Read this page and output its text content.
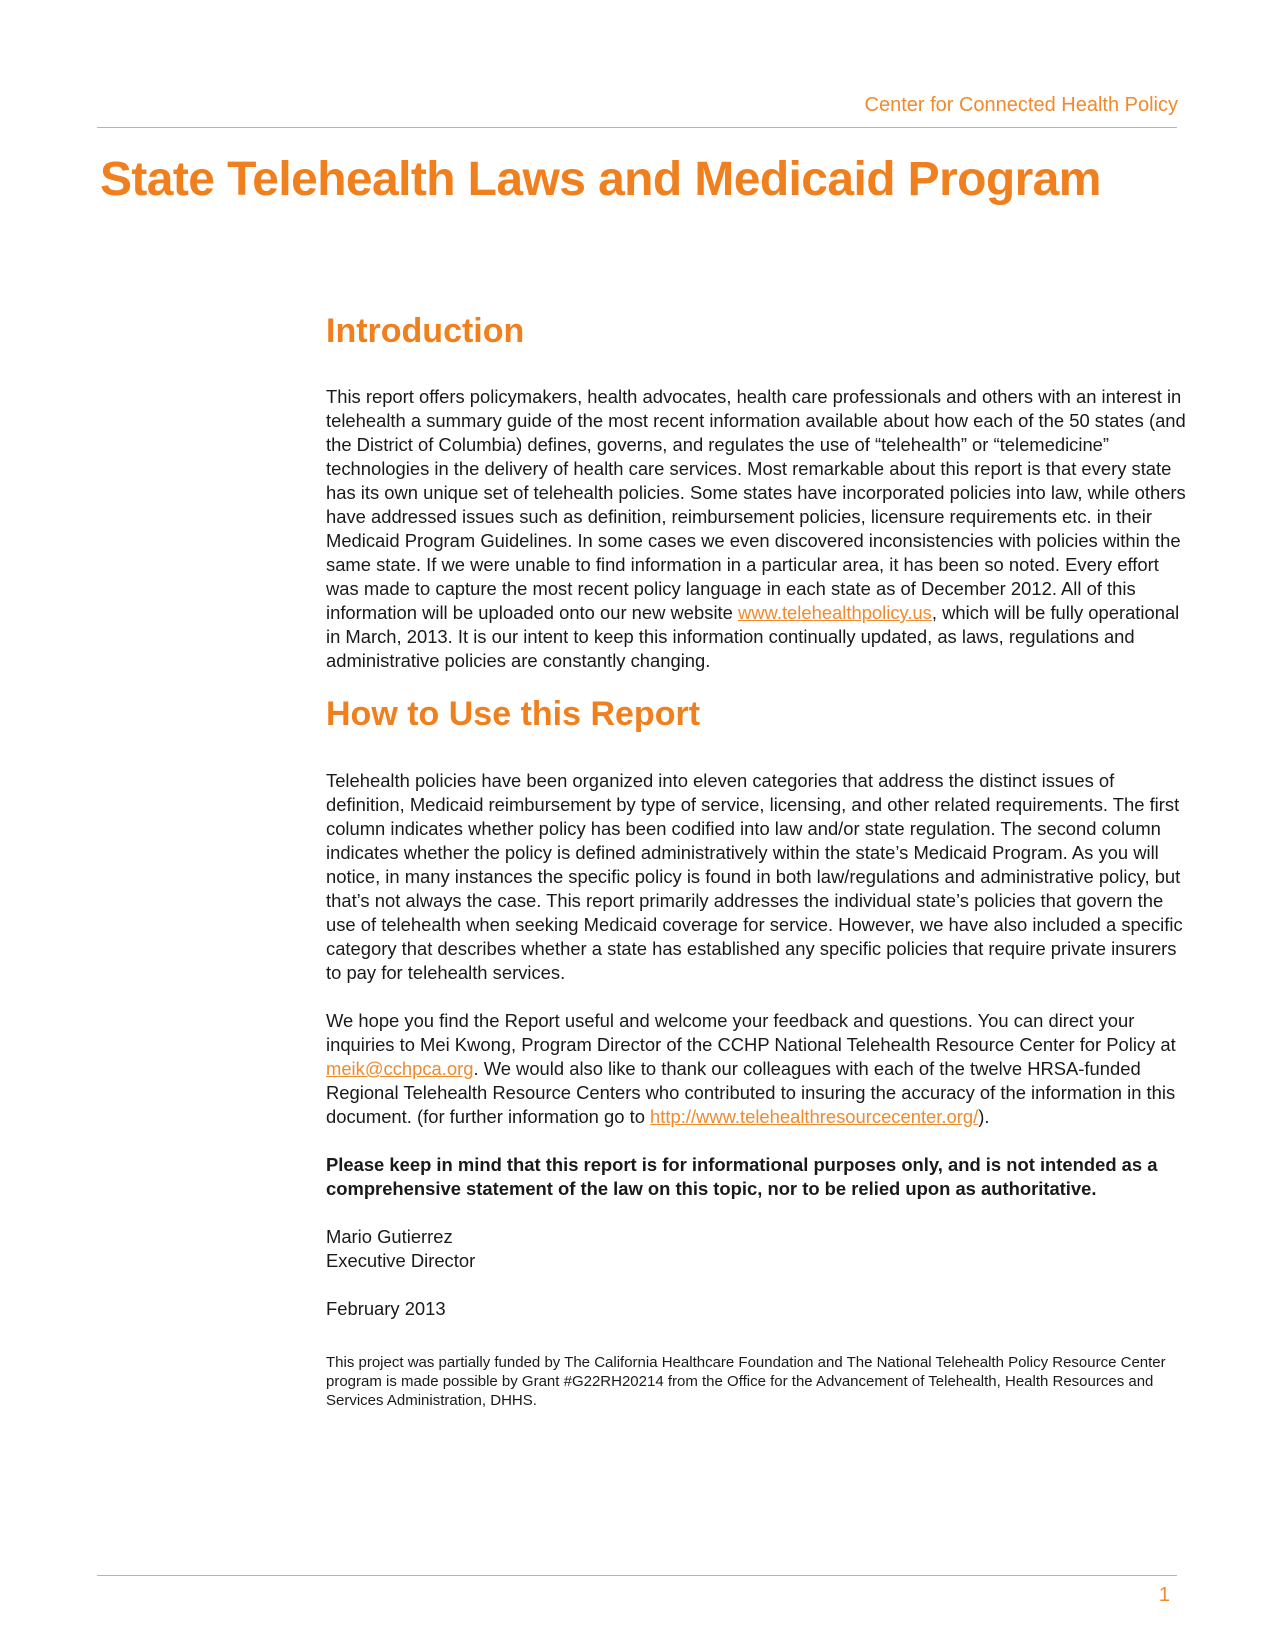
Center for Connected Health Policy
State Telehealth Laws and Medicaid Program
Introduction

This report offers policymakers, health advocates, health care professionals and others with an interest in telehealth a summary guide of the most recent information available about how each of the 50 states (and the District of Columbia) defines, governs, and regulates the use of “telehealth” or “telemedicine” technologies in the delivery of health care services. Most remarkable about this report is that every state has its own unique set of telehealth policies. Some states have incorporated policies into law, while others have addressed issues such as definition, reimbursement policies, licensure requirements etc. in their Medicaid Program Guidelines. In some cases we even discovered inconsistencies with policies within the same state. If we were unable to find information in a particular area, it has been so noted. Every effort was made to capture the most recent policy language in each state as of December 2012. All of this information will be uploaded onto our new website www.telehealthpolicy.us, which will be fully operational in March, 2013. It is our intent to keep this information continually updated, as laws, regulations and administrative policies are constantly changing.

How to Use this Report

Telehealth policies have been organized into eleven categories that address the distinct issues of definition, Medicaid reimbursement by type of service, licensing, and other related requirements. The first column indicates whether policy has been codified into law and/or state regulation. The second column indicates whether the policy is defined administratively within the state’s Medicaid Program. As you will notice, in many instances the specific policy is found in both law/regulations and administrative policy, but that’s not always the case. This report primarily addresses the individual state’s policies that govern the use of telehealth when seeking Medicaid coverage for service. However, we have also included a specific category that describes whether a state has established any specific policies that require private insurers to pay for telehealth services.

We hope you find the Report useful and welcome your feedback and questions. You can direct your inquiries to Mei Kwong, Program Director of the CCHP National Telehealth Resource Center for Policy at meik@cchpca.org. We would also like to thank our colleagues with each of the twelve HRSA-funded Regional Telehealth Resource Centers who contributed to insuring the accuracy of the information in this document. (for further information go to http://www.telehealthresourcecenter.org/).

Please keep in mind that this report is for informational purposes only, and is not intended as a comprehensive statement of the law on this topic, nor to be relied upon as authoritative.

Mario Gutierrez
Executive Director

February 2013

This project was partially funded by The California Healthcare Foundation and The National Telehealth Policy Resource Center program is made possible by Grant #G22RH20214 from the Office for the Advancement of Telehealth, Health Resources and Services Administration, DHHS.

1
